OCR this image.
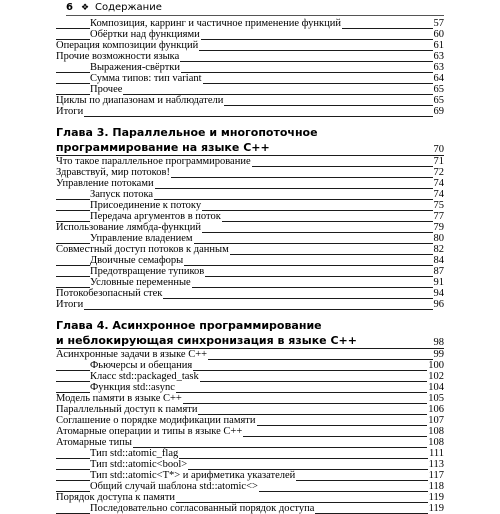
6 ❖ Содержание
Композиция, карринг и частичное применение функций	57
Обёртки над функциями	60
Операция композиции функций	61
Прочие возможности языка	63
Выражения-свёртки	63
Сумма типов: тип variant	64
Прочее	65
Циклы по диапазонам и наблюдатели	65
Итоги	69
Глава 3. Параллельное и многопоточное
программирование на языке C++	70
Что такое параллельное программирование	71
Здравствуй, мир потоков!	72
Управление потоками	74
Запуск потока	74
Присоединение к потоку	75
Передача аргументов в поток	77
Использование лямбда-функций	79
Управление владением	80
Совместный доступ потоков к данным	82
Двоичные семафоры	84
Предотвращение тупиков	87
Условные переменные	91
Потокобезопасный стек	94
Итоги	96
Глава 4. Асинхронное программирование
и неблокирующая синхронизация в языке C++	98
Асинхронные задачи в языке C++	99
Фьючерсы и обещания	100
Класс std::packaged_task	102
Функция std::async	104
Модель памяти в языке C++	105
Параллельный доступ к памяти	106
Соглашение о порядке модификации памяти	107
Атомарные операции и типы в языке C++	108
Атомарные типы	108
Тип std::atomic_flag	111
Тип std::atomic<bool>	113
Тип std::atomic<T*> и арифметика указателей	117
Общий случай шаблона std::atomic<>	118
Порядок доступа к памяти	119
Последовательно согласованный порядок доступа	119
